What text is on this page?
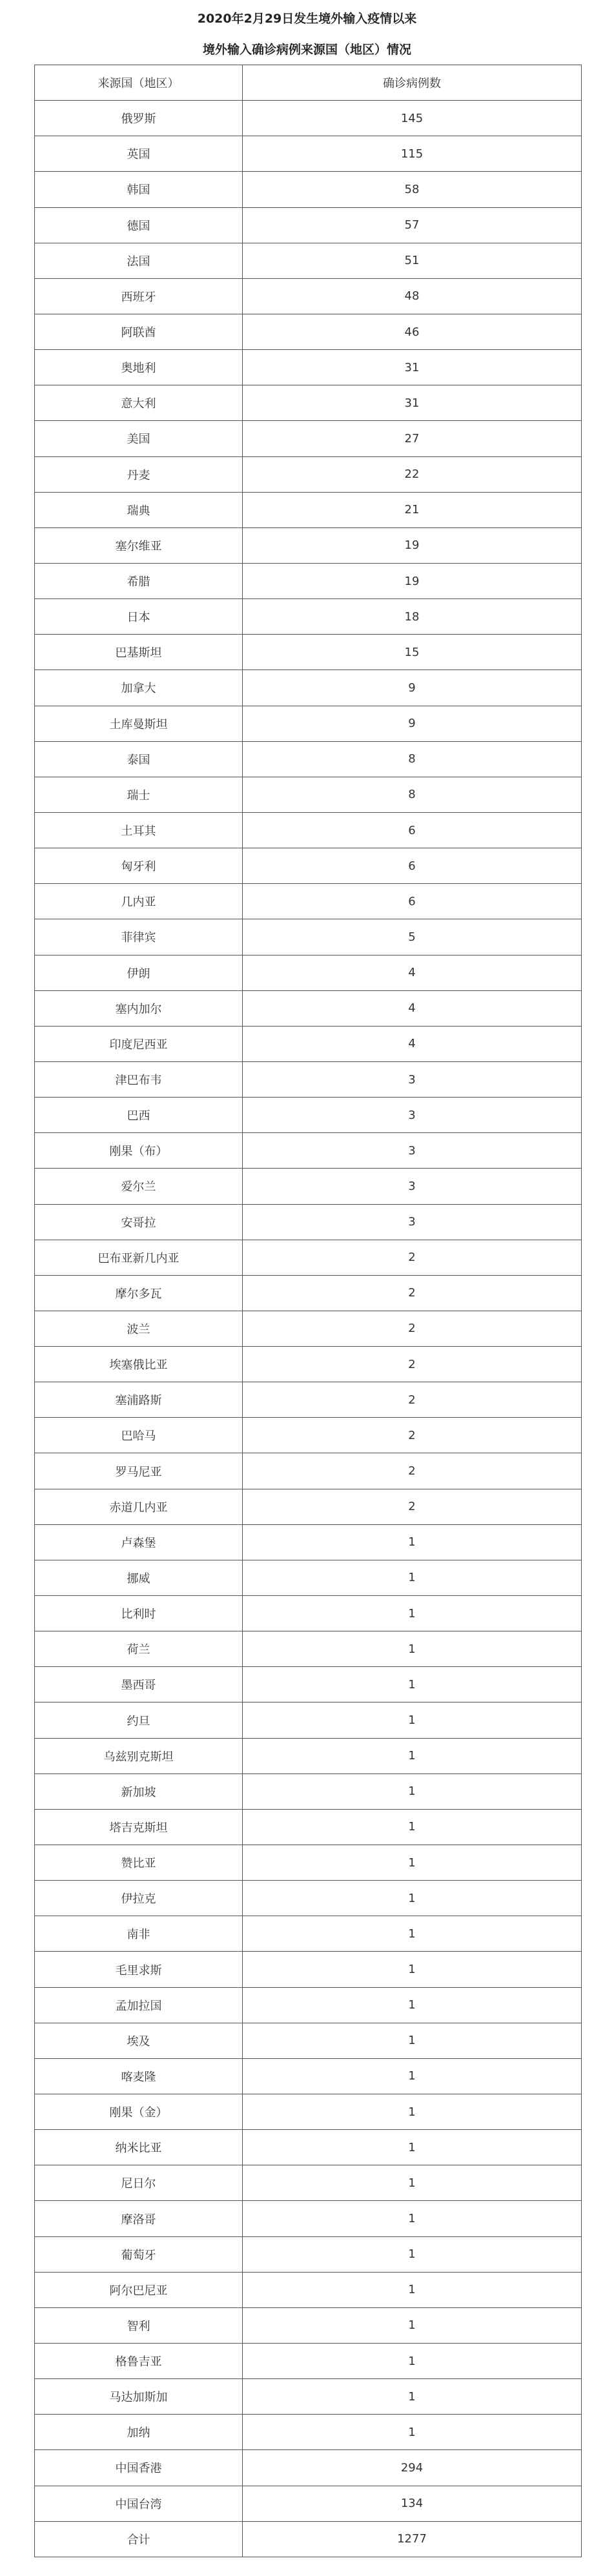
2020年2月29日发生境外输入疫情以来
境外输入确诊病例来源国（地区）情况
来源国（地区）	确诊病例数
俄罗斯	145
英国	115
韩国	58
德国	57
法国	51
西班牙	48
阿联酋	46
奥地利	31
意大利	31
美国	27
丹麦	22
瑞典	21
塞尔维亚	19
希腊	19
日本	18
巴基斯坦	15
加拿大	9
土库曼斯坦	9
泰国	8
瑞士	8
土耳其	6
匈牙利	6
几内亚	6
菲律宾	5
伊朗	4
塞内加尔	4
印度尼西亚	4
津巴布韦	3
巴西	3
刚果（布）	3
爱尔兰	3
安哥拉	3
巴布亚新几内亚	2
摩尔多瓦	2
波兰	2
埃塞俄比亚	2
塞浦路斯	2
巴哈马	2
罗马尼亚	2
赤道几内亚	2
卢森堡	1
挪威	1
比利时	1
荷兰	1
墨西哥	1
约旦	1
乌兹别克斯坦	1
新加坡	1
塔吉克斯坦	1
赞比亚	1
伊拉克	1
南非	1
毛里求斯	1
孟加拉国	1
埃及	1
喀麦隆	1
刚果（金）	1
纳米比亚	1
尼日尔	1
摩洛哥	1
葡萄牙	1
阿尔巴尼亚	1
智利	1
格鲁吉亚	1
马达加斯加	1
加纳	1
中国香港	294
中国台湾	134
合计	1277
